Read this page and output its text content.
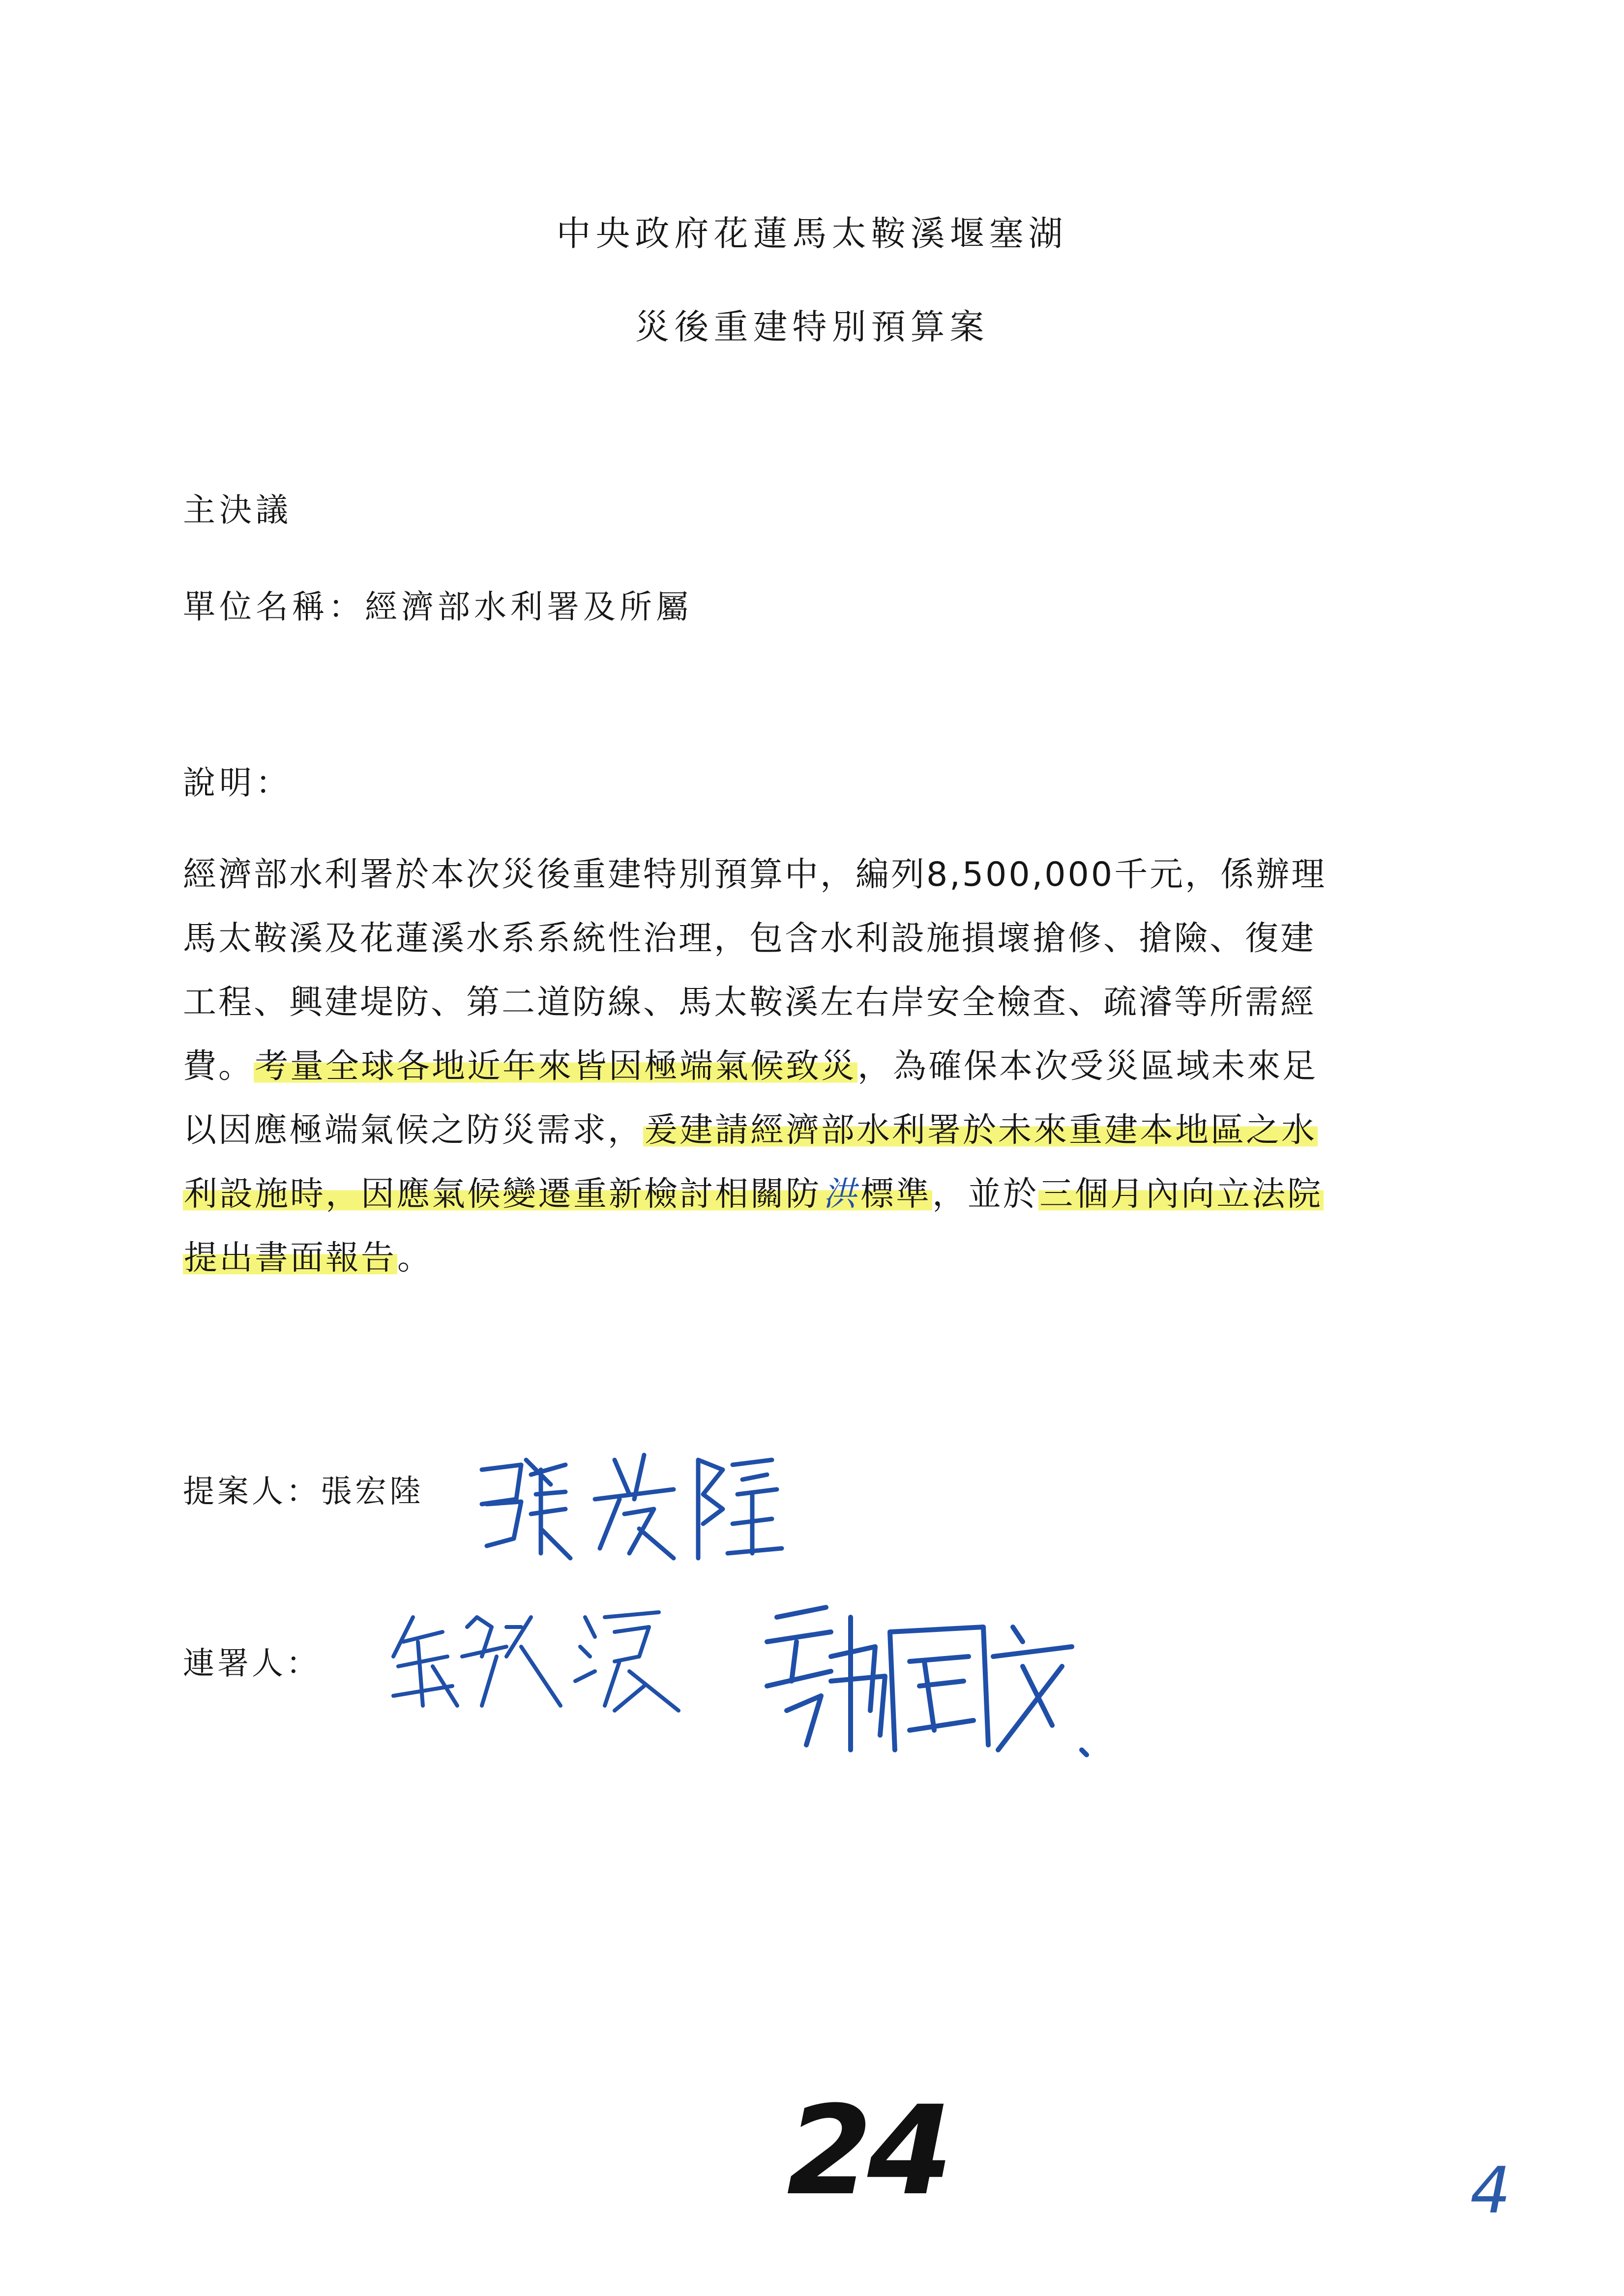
中央政府花蓮馬太鞍溪堰塞湖
災後重建特別預算案
主決議
單位名稱：經濟部水利署及所屬
說明：
經濟部水利署於本次災後重建特別預算中，編列8,500,000千元，係辦理
馬太鞍溪及花蓮溪水系系統性治理，包含水利設施損壞搶修、搶險、復建
工程、興建堤防、第二道防線、馬太鞍溪左右岸安全檢查、疏濬等所需經
費。考量全球各地近年來皆因極端氣候致災，為確保本次受災區域未來足
以因應極端氣候之防災需求，爰建請經濟部水利署於未來重建本地區之水
利設施時，因應氣候變遷重新檢討相關防洪標準，並於三個月內向立法院
提出書面報告。
提案人：張宏陸
連署人：
24	4
